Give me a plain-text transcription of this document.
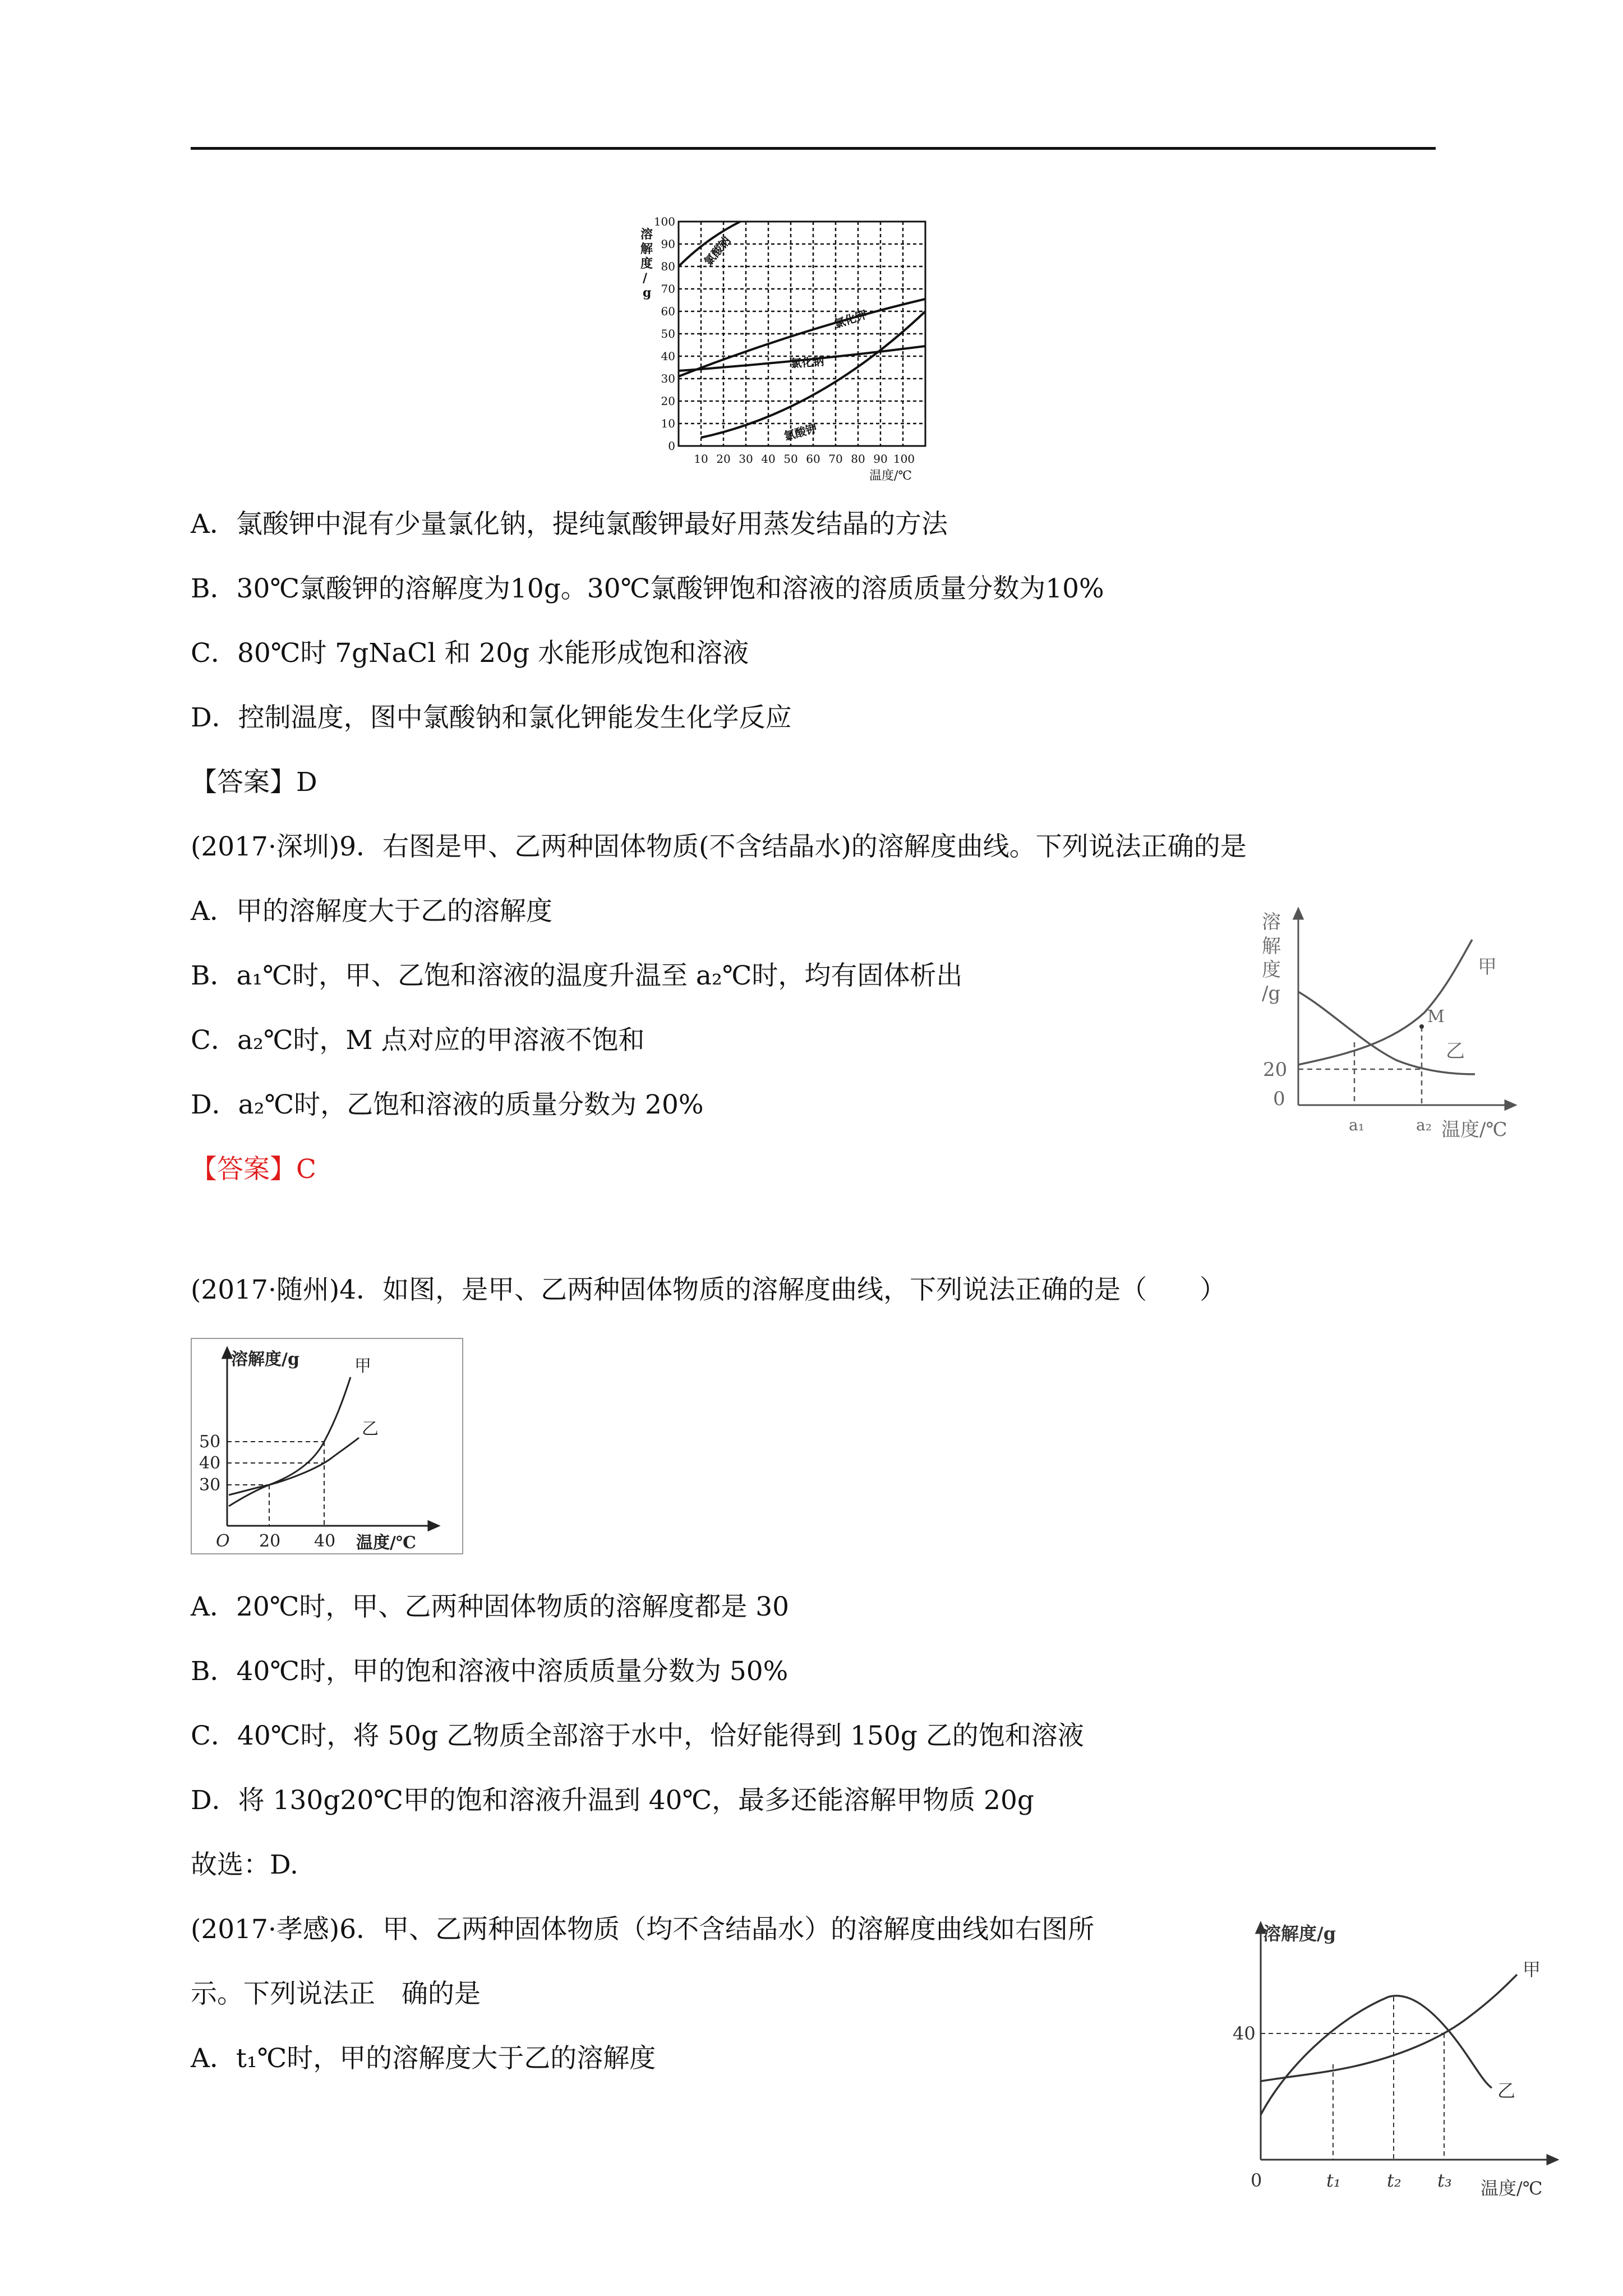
溶
解
度
/
g
100
90
80
70
60
50
40
30
20
10
0
10 20 30 40 50 60 70 80 90 100
温度/℃
氯酸钠
氯化钾
氯化钠
氯酸钾
A．氯酸钾中混有少量氯化钠，提纯氯酸钾最好用蒸发结晶的方法
B．30℃氯酸钾的溶解度为10g。30℃氯酸钾饱和溶液的溶质质量分数为10%
C．80℃时 7gNaCl 和 20g 水能形成饱和溶液
D．控制温度，图中氯酸钠和氯化钾能发生化学反应
【答案】D
(2017·深圳)9．右图是甲、乙两种固体物质(不含结晶水)的溶解度曲线。下列说法正确的是
A．甲的溶解度大于乙的溶解度
B．a₁℃时，甲、乙饱和溶液的温度升温至 a₂℃时，均有固体析出
C．a₂℃时，M 点对应的甲溶液不饱和
D．a₂℃时，乙饱和溶液的质量分数为 20%
【答案】C
溶
解
度
/g
20
0
a₁	a₂ 温度/℃
甲
乙
M
(2017·随州)4．如图，是甲、乙两种固体物质的溶解度曲线，下列说法正确的是（　　）
溶解度/g
50
40
30
O 20 40 温度/℃
甲
乙
A．20℃时，甲、乙两种固体物质的溶解度都是 30
B．40℃时，甲的饱和溶液中溶质质量分数为 50%
C．40℃时，将 50g 乙物质全部溶于水中，恰好能得到 150g 乙的饱和溶液
D．将 130g20℃甲的饱和溶液升温到 40℃，最多还能溶解甲物质 20g
故选：D.
(2017·孝感)6．甲、乙两种固体物质（均不含结晶水）的溶解度曲线如右图所
示。下列说法正　确的是
A．t₁℃时，甲的溶解度大于乙的溶解度
溶解度/g
40
0	t₁	t₂ t₃ 温度/℃
甲
乙
